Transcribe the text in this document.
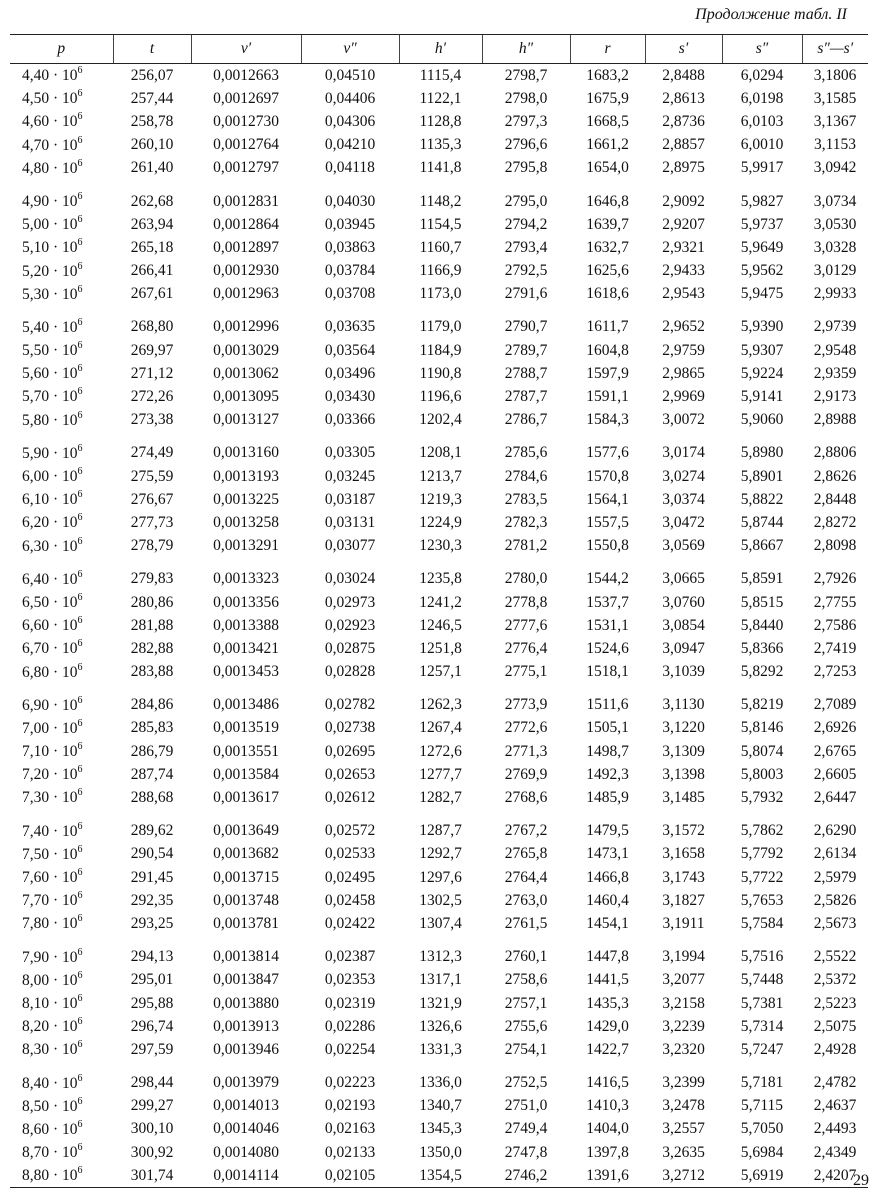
Продолжение табл. II
p	t	v′	v″	h′	h″	r	s′	s″	s″—s′
$4,40 \cdot 10^6$	256,07	0,0012663	0,04510	1115,4	2798,7	1683,2	2,8488	6,0294	3,1806
$4,50 \cdot 10^6$	257,44	0,0012697	0,04406	1122,1	2798,0	1675,9	2,8613	6,0198	3,1585
$4,60 \cdot 10^6$	258,78	0,0012730	0,04306	1128,8	2797,3	1668,5	2,8736	6,0103	3,1367
$4,70 \cdot 10^6$	260,10	0,0012764	0,04210	1135,3	2796,6	1661,2	2,8857	6,0010	3,1153
$4,80 \cdot 10^6$	261,40	0,0012797	0,04118	1141,8	2795,8	1654,0	2,8975	5,9917	3,0942

$4,90 \cdot 10^6$	262,68	0,0012831	0,04030	1148,2	2795,0	1646,8	2,9092	5,9827	3,0734
$5,00 \cdot 10^6$	263,94	0,0012864	0,03945	1154,5	2794,2	1639,7	2,9207	5,9737	3,0530
$5,10 \cdot 10^6$	265,18	0,0012897	0,03863	1160,7	2793,4	1632,7	2,9321	5,9649	3,0328
$5,20 \cdot 10^6$	266,41	0,0012930	0,03784	1166,9	2792,5	1625,6	2,9433	5,9562	3,0129
$5,30 \cdot 10^6$	267,61	0,0012963	0,03708	1173,0	2791,6	1618,6	2,9543	5,9475	2,9933

$5,40 \cdot 10^6$	268,80	0,0012996	0,03635	1179,0	2790,7	1611,7	2,9652	5,9390	2,9739
$5,50 \cdot 10^6$	269,97	0,0013029	0,03564	1184,9	2789,7	1604,8	2,9759	5,9307	2,9548
$5,60 \cdot 10^6$	271,12	0,0013062	0,03496	1190,8	2788,7	1597,9	2,9865	5,9224	2,9359
$5,70 \cdot 10^6$	272,26	0,0013095	0,03430	1196,6	2787,7	1591,1	2,9969	5,9141	2,9173
$5,80 \cdot 10^6$	273,38	0,0013127	0,03366	1202,4	2786,7	1584,3	3,0072	5,9060	2,8988

$5,90 \cdot 10^6$	274,49	0,0013160	0,03305	1208,1	2785,6	1577,6	3,0174	5,8980	2,8806
$6,00 \cdot 10^6$	275,59	0,0013193	0,03245	1213,7	2784,6	1570,8	3,0274	5,8901	2,8626
$6,10 \cdot 10^6$	276,67	0,0013225	0,03187	1219,3	2783,5	1564,1	3,0374	5,8822	2,8448
$6,20 \cdot 10^6$	277,73	0,0013258	0,03131	1224,9	2782,3	1557,5	3,0472	5,8744	2,8272
$6,30 \cdot 10^6$	278,79	0,0013291	0,03077	1230,3	2781,2	1550,8	3,0569	5,8667	2,8098

$6,40 \cdot 10^6$	279,83	0,0013323	0,03024	1235,8	2780,0	1544,2	3,0665	5,8591	2,7926
$6,50 \cdot 10^6$	280,86	0,0013356	0,02973	1241,2	2778,8	1537,7	3,0760	5,8515	2,7755
$6,60 \cdot 10^6$	281,88	0,0013388	0,02923	1246,5	2777,6	1531,1	3,0854	5,8440	2,7586
$6,70 \cdot 10^6$	282,88	0,0013421	0,02875	1251,8	2776,4	1524,6	3,0947	5,8366	2,7419
$6,80 \cdot 10^6$	283,88	0,0013453	0,02828	1257,1	2775,1	1518,1	3,1039	5,8292	2,7253

$6,90 \cdot 10^6$	284,86	0,0013486	0,02782	1262,3	2773,9	1511,6	3,1130	5,8219	2,7089
$7,00 \cdot 10^6$	285,83	0,0013519	0,02738	1267,4	2772,6	1505,1	3,1220	5,8146	2,6926
$7,10 \cdot 10^6$	286,79	0,0013551	0,02695	1272,6	2771,3	1498,7	3,1309	5,8074	2,6765
$7,20 \cdot 10^6$	287,74	0,0013584	0,02653	1277,7	2769,9	1492,3	3,1398	5,8003	2,6605
$7,30 \cdot 10^6$	288,68	0,0013617	0,02612	1282,7	2768,6	1485,9	3,1485	5,7932	2,6447

$7,40 \cdot 10^6$	289,62	0,0013649	0,02572	1287,7	2767,2	1479,5	3,1572	5,7862	2,6290
$7,50 \cdot 10^6$	290,54	0,0013682	0,02533	1292,7	2765,8	1473,1	3,1658	5,7792	2,6134
$7,60 \cdot 10^6$	291,45	0,0013715	0,02495	1297,6	2764,4	1466,8	3,1743	5,7722	2,5979
$7,70 \cdot 10^6$	292,35	0,0013748	0,02458	1302,5	2763,0	1460,4	3,1827	5,7653	2,5826
$7,80 \cdot 10^6$	293,25	0,0013781	0,02422	1307,4	2761,5	1454,1	3,1911	5,7584	2,5673

$7,90 \cdot 10^6$	294,13	0,0013814	0,02387	1312,3	2760,1	1447,8	3,1994	5,7516	2,5522
$8,00 \cdot 10^6$	295,01	0,0013847	0,02353	1317,1	2758,6	1441,5	3,2077	5,7448	2,5372
$8,10 \cdot 10^6$	295,88	0,0013880	0,02319	1321,9	2757,1	1435,3	3,2158	5,7381	2,5223
$8,20 \cdot 10^6$	296,74	0,0013913	0,02286	1326,6	2755,6	1429,0	3,2239	5,7314	2,5075
$8,30 \cdot 10^6$	297,59	0,0013946	0,02254	1331,3	2754,1	1422,7	3,2320	5,7247	2,4928

$8,40 \cdot 10^6$	298,44	0,0013979	0,02223	1336,0	2752,5	1416,5	3,2399	5,7181	2,4782
$8,50 \cdot 10^6$	299,27	0,0014013	0,02193	1340,7	2751,0	1410,3	3,2478	5,7115	2,4637
$8,60 \cdot 10^6$	300,10	0,0014046	0,02163	1345,3	2749,4	1404,0	3,2557	5,7050	2,4493
$8,70 \cdot 10^6$	300,92	0,0014080	0,02133	1350,0	2747,8	1397,8	3,2635	5,6984	2,4349
$8,80 \cdot 10^6$	301,74	0,0014114	0,02105	1354,5	2746,2	1391,6	3,2712	5,6919	2,4207
29
